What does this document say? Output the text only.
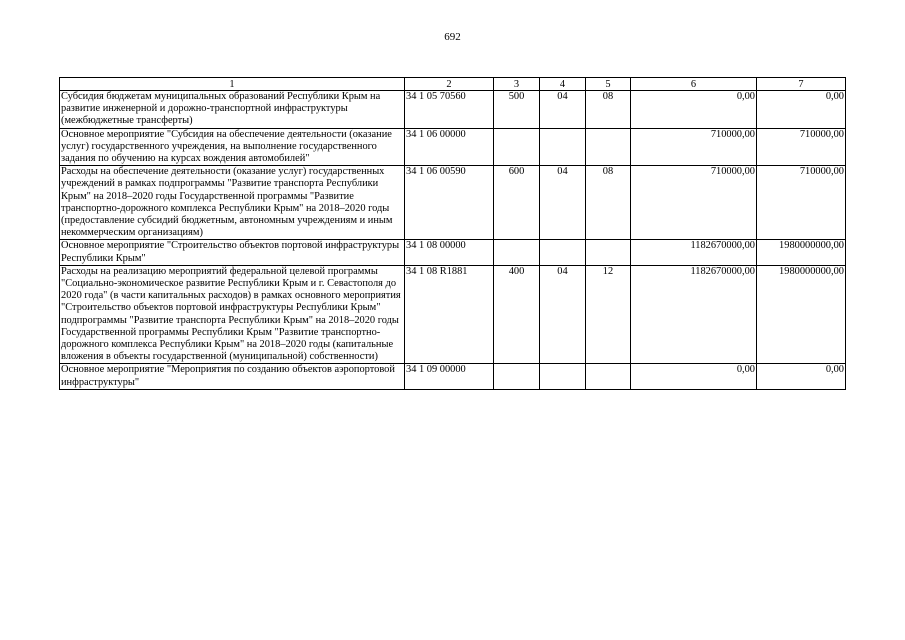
692
1	2	3	4	5	6	7
Субсидия бюджетам муниципальных образований Республики Крым на развитие инженерной и дорожно-транспортной инфраструктуры (межбюджетные трансферты)	34 1 05 70560	500	04	08	0,00	0,00
Основное мероприятие "Субсидия на обеспечение деятельности (оказание услуг) государственного учреждения, на выполнение государственного задания по обучению на курсах вождения автомобилей"	34 1 06 00000				710000,00	710000,00
Расходы на обеспечение деятельности (оказание услуг) государственных учреждений в рамках подпрограммы "Развитие транспорта Республики Крым" на 2018–2020 годы Государственной программы "Развитие транспортно-дорожного комплекса Республики Крым" на 2018–2020 годы (предоставление субсидий бюджетным, автономным учреждениям и иным некоммерческим организациям)	34 1 06 00590	600	04	08	710000,00	710000,00
Основное мероприятие "Строительство объектов портовой инфраструктуры Республики Крым"	34 1 08 00000				1182670000,00	1980000000,00
Расходы на реализацию мероприятий федеральной целевой программы "Социально-экономическое развитие Республики Крым и г. Севастополя до 2020 года" (в части капитальных расходов) в рамках основного мероприятия "Строительство объектов портовой инфраструктуры Республики Крым" подпрограммы "Развитие транспорта Республики Крым" на 2018–2020 годы Государственной программы Республики Крым "Развитие транспортно-дорожного комплекса Республики Крым" на 2018–2020 годы (капитальные вложения в объекты государственной (муниципальной) собственности)	34 1 08 R1881	400	04	12	1182670000,00	1980000000,00
Основное мероприятие "Мероприятия по созданию объектов аэропортовой инфраструктуры"	34 1 09 00000				0,00	0,00
